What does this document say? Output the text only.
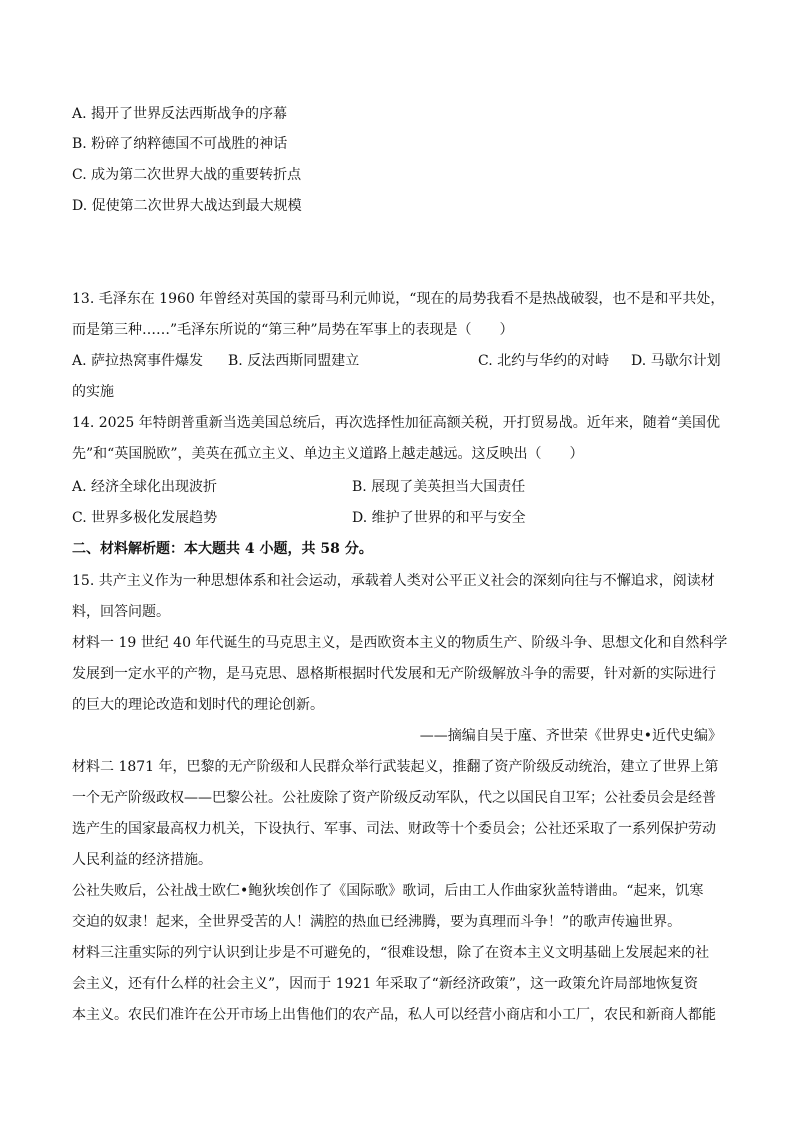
A. 揭开了世界反法西斯战争的序幕
B. 粉碎了纳粹德国不可战胜的神话
C. 成为第二次世界大战的重要转折点
D. 促使第二次世界大战达到最大规模
13. 毛泽东在 1960 年曾经对英国的蒙哥马利元帅说，“现在的局势我看不是热战破裂，也不是和平共处，
而是第三种……”毛泽东所说的“第三种”局势在军事上的表现是（　　）
A. 萨拉热窝事件爆发 B. 反法西斯同盟建立	C. 北约与华约的对峙 D. 马歇尔计划
的实施
14. 2025 年特朗普重新当选美国总统后，再次选择性加征高额关税，开打贸易战。近年来，随着“美国优
先”和“英国脱欧”，美英在孤立主义、单边主义道路上越走越远。这反映出（　　）
A. 经济全球化出现波折	B. 展现了美英担当大国责任
C. 世界多极化发展趋势	D. 维护了世界的和平与安全
二、材料解析题：本大题共 4 小题，共 58 分。
15. 共产主义作为一种思想体系和社会运动，承载着人类对公平正义社会的深刻向往与不懈追求，阅读材
料，回答问题。
材料一 19 世纪 40 年代诞生的马克思主义，是西欧资本主义的物质生产、阶级斗争、思想文化和自然科学
发展到一定水平的产物，是马克思、恩格斯根据时代发展和无产阶级解放斗争的需要，针对新的实际进行
的巨大的理论改造和划时代的理论创新。
——摘编自吴于廑、齐世荣《世界史•近代史编》
材料二 1871 年，巴黎的无产阶级和人民群众举行武装起义，推翻了资产阶级反动统治，建立了世界上第
一个无产阶级政权——巴黎公社。公社废除了资产阶级反动军队，代之以国民自卫军；公社委员会是经普
选产生的国家最高权力机关，下设执行、军事、司法、财政等十个委员会；公社还采取了一系列保护劳动
人民利益的经济措施。
公社失败后，公社战士欧仁•鲍狄埃创作了《国际歌》歌词，后由工人作曲家狄盖特谱曲。“起来，饥寒
交迫的奴隶！起来，全世界受苦的人！满腔的热血已经沸腾，要为真理而斗争！”的歌声传遍世界。
材料三注重实际的列宁认识到让步是不可避免的，“很难设想，除了在资本主义文明基础上发展起来的社
会主义，还有什么样的社会主义”，因而于 1921 年采取了“新经济政策”，这一政策允许局部地恢复资
本主义。农民们准许在公开市场上出售他们的农产品，私人可以经营小商店和小工厂，农民和新商人都能
